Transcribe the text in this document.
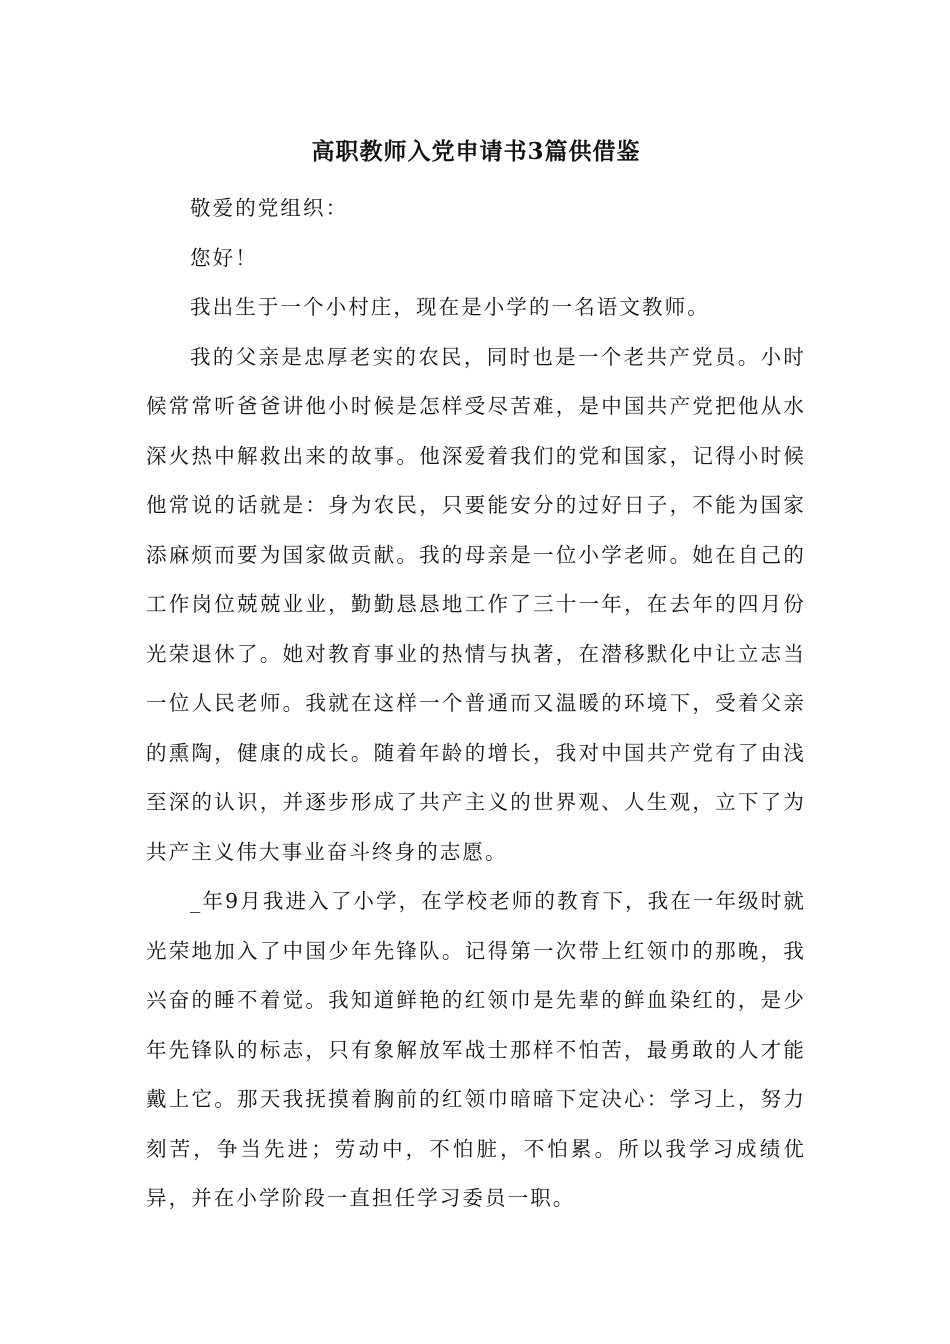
高职教师入党申请书3篇供借鉴

敬爱的党组织：

您好！

我出生于一个小村庄，现在是小学的一名语文教师。

我的父亲是忠厚老实的农民，同时也是一个老共产党员。小时候常常听爸爸讲他小时候是怎样受尽苦难，是中国共产党把他从水深火热中解救出来的故事。他深爱着我们的党和国家，记得小时候他常说的话就是：身为农民，只要能安分的过好日子，不能为国家添麻烦而要为国家做贡献。我的母亲是一位小学老师。她在自己的工作岗位兢兢业业，勤勤恳恳地工作了三十一年，在去年的四月份光荣退休了。她对教育事业的热情与执著，在潜移默化中让立志当一位人民老师。我就在这样一个普通而又温暖的环境下，受着父亲的熏陶，健康的成长。随着年龄的增长，我对中国共产党有了由浅至深的认识，并逐步形成了共产主义的世界观、人生观，立下了为共产主义伟大事业奋斗终身的志愿。

_年9月我进入了小学，在学校老师的教育下，我在一年级时就光荣地加入了中国少年先锋队。记得第一次带上红领巾的那晚，我兴奋的睡不着觉。我知道鲜艳的红领巾是先辈的鲜血染红的，是少年先锋队的标志，只有象解放军战士那样不怕苦，最勇敢的人才能戴上它。那天我抚摸着胸前的红领巾暗暗下定决心：学习上，努力刻苦，争当先进；劳动中，不怕脏，不怕累。所以我学习成绩优异，并在小学阶段一直担任学习委员一职。
